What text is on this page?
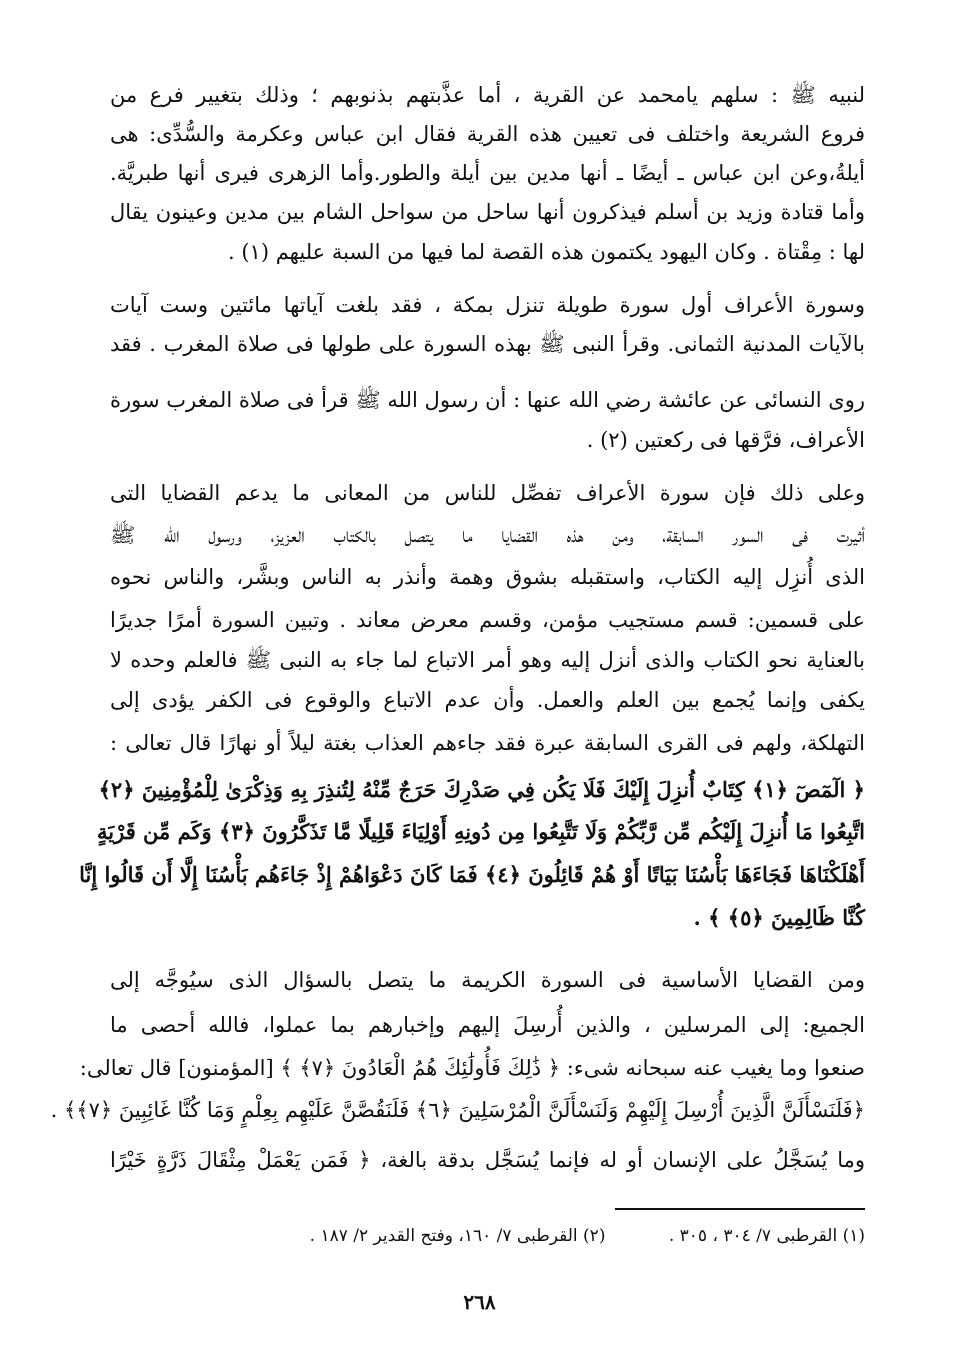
لنبيه ﷺ : سلهم يامحمد عن القرية ، أما عذَّبتهم بذنوبهم ؛ وذلك بتغيير فرع من
فروع الشريعة واختلف فى تعيين هذه القرية فقال ابن عباس وعكرمة والسُّدِّى: هى
أيلةُ،وعن ابن عباس ـ أيضًا ـ أنها مدين بين أيلة والطور.وأما الزهرى فيرى أنها طبريَّة.
وأما قتادة وزيد بن أسلم فيذكرون أنها ساحل من سواحل الشام بين مدين وعينون يقال
لها : مِقْتاة . وكان اليهود يكتمون هذه القصة لما فيها من السبة عليهم (١) .
وسورة الأعراف أول سورة طويلة تنزل بمكة ، فقد بلغت آياتها مائتين وست آيات
بالآيات المدنية الثمانى. وقرأ النبى ﷺ بهذه السورة على طولها فى صلاة المغرب . فقد
روى النسائى عن عائشة رضي الله عنها : أن رسول الله ﷺ قرأ فى صلاة المغرب سورة
الأعراف، فرَّقها فى ركعتين (٢) .
وعلى ذلك فإن سورة الأعراف تفصِّل للناس من المعانى ما يدعم القضايا التى
أثيرت فى السور السابقة، ومن هذه القضايا ما يتصل بالكتاب العزيز، ورسول الله ﷺ
الذى أُنزِل إليه الكتاب، واستقبله بشوق وهمة وأنذر به الناس وبشَّر، والناس نحوه
على قسمين: قسم مستجيب مؤمن، وقسم معرض معاند . وتبين السورة أمرًا جديرًا
بالعناية نحو الكتاب والذى أنزل إليه وهو أمر الاتباع لما جاء به النبى ﷺ فالعلم وحده لا
يكفى وإنما يُجمع بين العلم والعمل. وأن عدم الاتباع والوقوع فى الكفر يؤدى إلى
التهلكة، ولهم فى القرى السابقة عبرة فقد جاءهم العذاب بغتة ليلاً أو نهارًا قال تعالى :
﴿ الٓمٓصٓ ﴿١﴾ كِتَابٌ أُنزِلَ إِلَيْكَ فَلَا يَكُن فِي صَدْرِكَ حَرَجٌ مِّنْهُ لِتُنذِرَ بِهِ وَذِكْرَىٰ لِلْمُؤْمِنِينَ ﴿٢﴾
اتَّبِعُوا مَا أُنزِلَ إِلَيْكُم مِّن رَّبِّكُمْ وَلَا تَتَّبِعُوا مِن دُونِهِ أَوْلِيَاءَ قَلِيلًا مَّا تَذَكَّرُونَ ﴿٣﴾ وَكَم مِّن قَرْيَةٍ
أَهْلَكْنَاهَا فَجَاءَهَا بَأْسُنَا بَيَاتًا أَوْ هُمْ قَائِلُونَ ﴿٤﴾ فَمَا كَانَ دَعْوَاهُمْ إِذْ جَاءَهُم بَأْسُنَا إِلَّا أَن قَالُوا إِنَّا
كُنَّا ظَالِمِينَ ﴿٥﴾ ﴾ .
ومن القضايا الأساسية فى السورة الكريمة ما يتصل بالسؤال الذى سيُوجَّه إلى
الجميع: إلى المرسلين ، والذين أُرسِلَ إليهم وإخبارهم بما عملوا، فالله أحصى ما
صنعوا وما يغيب عنه سبحانه شىء: ﴿ ذَٰلِكَ فَأُولَٰئِكَ هُمُ الْعَادُونَ ﴿٧﴾ ﴾ [المؤمنون] قال تعالى:
﴿فَلَنَسْأَلَنَّ الَّذِينَ أُرْسِلَ إِلَيْهِمْ وَلَنَسْأَلَنَّ الْمُرْسَلِينَ ﴿٦﴾ فَلَنَقُصَّنَّ عَلَيْهِم بِعِلْمٍ وَمَا كُنَّا غَائِبِينَ ﴿٧﴾﴾ .
وما يُسَجَّلُ على الإنسان أو له فإنما يُسَجَّل بدقة بالغة، ﴿ فَمَن يَعْمَلْ مِثْقَالَ ذَرَّةٍ خَيْرًا
(١) القرطبى ٧/ ٣٠٤ ، ٣٠٥ . (٢) القرطبى ٧/ ١٦٠، وفتح القدير ٢/ ١٨٧ .
٢٦٨
